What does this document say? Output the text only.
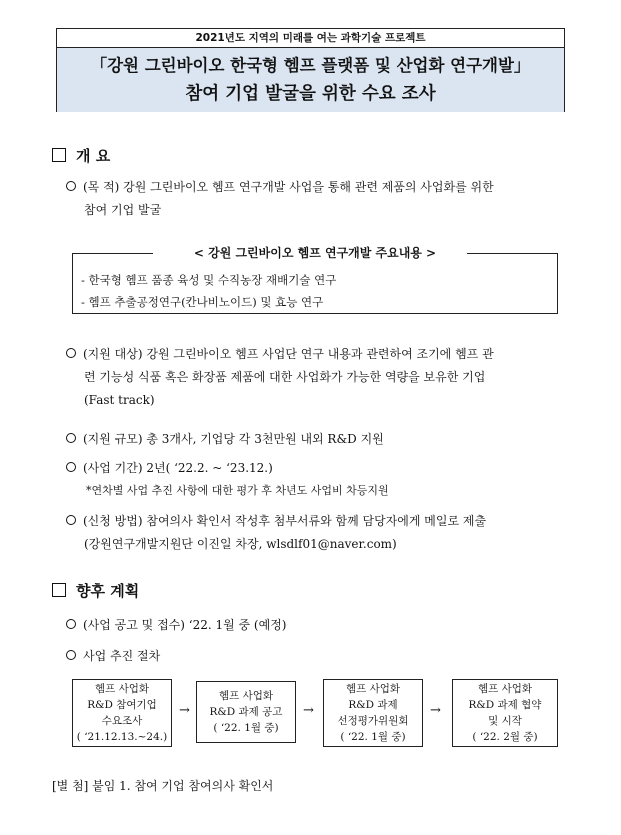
2021년도 지역의 미래를 여는 과학기술 프로젝트
「강원 그린바이오 한국형 헴프 플랫폼 및 산업화 연구개발」
참여 기업 발굴을 위한 수요 조사
개 요
(목 적) 강원 그린바이오 헴프 연구개발 사업을 통해 관련 제품의 사업화를 위한
참여 기업 발굴
< 강원 그린바이오 헴프 연구개발 주요내용 >
- 한국형 헴프 품종 육성 및 수직농장 재배기술 연구
- 헴프 추출공정연구(칸나비노이드) 및 효능 연구
(지원 대상) 강원 그린바이오 헴프 사업단 연구 내용과 관련하여 조기에 헴프 관
련 기능성 식품 혹은 화장품 제품에 대한 사업화가 가능한 역량을 보유한 기업
(Fast track)
(지원 규모) 총 3개사, 기업당 각 3천만원 내외 R&D 지원
(사업 기간) 2년( ‘22.2. ~ ‘23.12.)
*연차별 사업 추진 사항에 대한 평가 후 차년도 사업비 차등지원
(신청 방법) 참여의사 확인서 작성후 첨부서류와 함께 담당자에게 메일로 제출
(강원연구개발지원단 이진일 차장, wlsdlf01@naver.com)
향후 계획
(사업 공고 및 접수) ‘22. 1월 중 (예정)
사업 추진 절차
헴프 사업화
R&D 참여기업
수요조사
( ‘21.12.13.~24.)
→
헴프 사업화
R&D 과제 공고
( ‘22. 1월 중)
→
헴프 사업화
R&D 과제
선정평가위원회
( ‘22. 1월 중)
→
헴프 사업화
R&D 과제 협약
및 시작
( ‘22. 2월 중)
[별 첨] 붙임 1. 참여 기업 참여의사 확인서
